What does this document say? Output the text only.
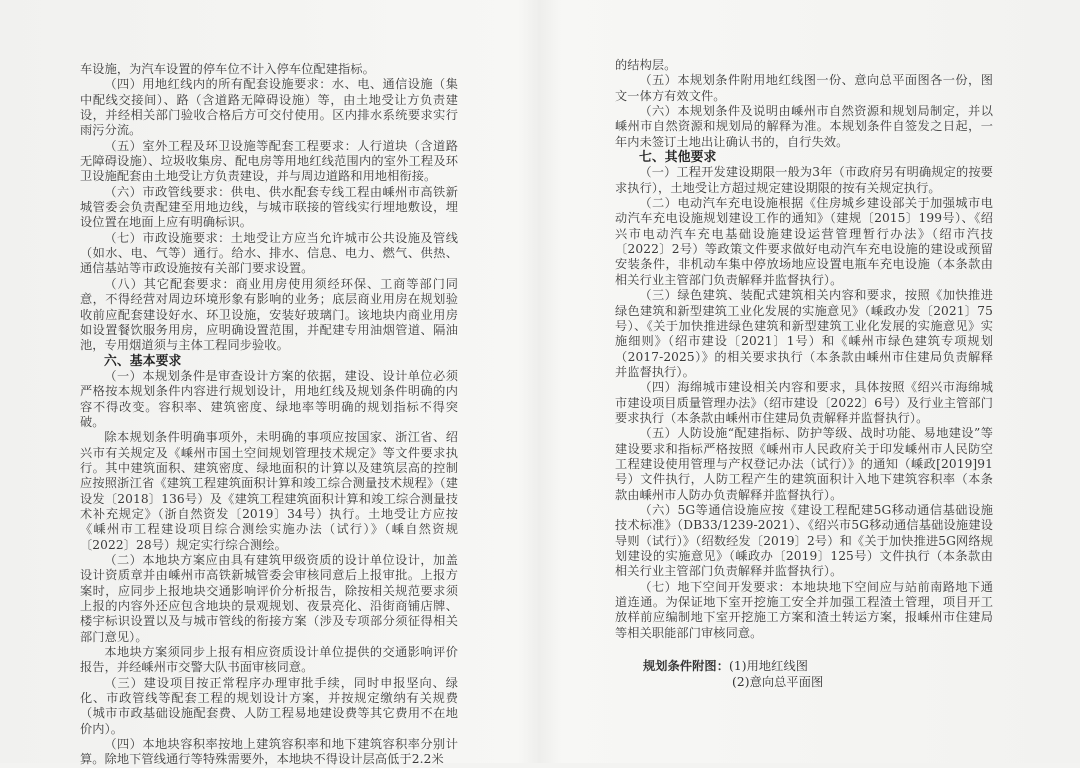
车设施，为汽车设置的停车位不计入停车位配建指标。

（四）用地红线内的所有配套设施要求：水、电、通信设施（集中配线交接间）、路（含道路无障碍设施）等，由土地受让方负责建设，并经相关部门验收合格后方可交付使用。区内排水系统要求实行雨污分流。

（五）室外工程及环卫设施等配套工程要求：人行道块（含道路无障碍设施）、垃圾收集房、配电房等用地红线范围内的室外工程及环卫设施配套由土地受让方负责建设，并与周边道路和用地相衔接。

（六）市政管线要求：供电、供水配套专线工程由嵊州市高铁新城管委会负责配建至用地边线，与城市联接的管线实行埋地敷设，埋设位置在地面上应有明确标识。

（七）市政设施要求：土地受让方应当允许城市公共设施及管线（如水、电、气等）通行。给水、排水、信息、电力、燃气、供热、通信基站等市政设施按有关部门要求设置。

（八）其它配套要求：商业用房使用须经环保、工商等部门同意，不得经营对周边环境形象有影响的业务；底层商业用房在规划验收前应配套建设好水、环卫设施，安装好玻璃门。该地块内商业用房如设置餐饮服务用房，应明确设置范围，并配建专用油烟管道、隔油池，专用烟道须与主体工程同步验收。

六、基本要求

（一）本规划条件是审查设计方案的依据，建设、设计单位必须严格按本规划条件内容进行规划设计，用地红线及规划条件明确的内容不得改变。容积率、建筑密度、绿地率等明确的规划指标不得突破。

除本规划条件明确事项外，未明确的事项应按国家、浙江省、绍兴市有关规定及《嵊州市国土空间规划管理技术规定》等文件要求执行。其中建筑面积、建筑密度、绿地面积的计算以及建筑层高的控制应按照浙江省《建筑工程建筑面积计算和竣工综合测量技术规程》（建设发〔2018〕136号）及《建筑工程建筑面积计算和竣工综合测量技术补充规定》（浙自然资发〔2019〕34号）执行。土地受让方应按《嵊州市工程建设项目综合测绘实施办法（试行）》（嵊自然资规〔2022〕28号）规定实行综合测绘。

（二）本地块方案应由具有建筑甲级资质的设计单位设计，加盖设计资质章并由嵊州市高铁新城管委会审核同意后上报审批。上报方案时，应同步上报地块交通影响评价分析报告，除按相关规范要求须上报的内容外还应包含地块的景观规划、夜景亮化、沿街商铺店牌、楼宇标识设置以及与城市管线的衔接方案（涉及专项部分须征得相关部门意见）。

本地块方案须同步上报有相应资质设计单位提供的交通影响评价报告，并经嵊州市交警大队书面审核同意。

（三）建设项目按正常程序办理审批手续，同时申报坚向、绿化、市政管线等配套工程的规划设计方案，并按规定缴纳有关规费（城市市政基础设施配套费、人防工程易地建设费等其它费用不在地价内）。

（四）本地块容积率按地上建筑容积率和地下建筑容积率分别计算。除地下管线通行等特殊需要外，本地块不得设计层高低于2.2米

的结构层。

（五）本规划条件附用地红线图一份、意向总平面图各一份，图文一体方有效文件。

（六）本规划条件及说明由嵊州市自然资源和规划局制定，并以嵊州市自然资源和规划局的解释为准。本规划条件自签发之日起，一年内未签订土地出让确认书的，自行失效。

七、其他要求

（一）工程开发建设期限一般为3年（市政府另有明确规定的按要求执行），土地受让方超过规定建设期限的按有关规定执行。

（二）电动汽车充电设施根据《住房城乡建设部关于加强城市电动汽车充电设施规划建设工作的通知》（建规〔2015〕199号）、《绍兴市电动汽车充电基础设施建设运营管理暂行办法》（绍市汽技〔2022〕2号）等政策文件要求做好电动汽车充电设施的建设或预留安装条件，非机动车集中停放场地应设置电瓶车充电设施（本条款由相关行业主管部门负责解释并监督执行）。

（三）绿色建筑、装配式建筑相关内容和要求，按照《加快推进绿色建筑和新型建筑工业化发展的实施意见》（嵊政办发〔2021〕75号）、《关于加快推进绿色建筑和新型建筑工业化发展的实施意见》实施细则》（绍市建设〔2021〕1号）和《嵊州市绿色建筑专项规划（2017-2025）》的相关要求执行（本条款由嵊州市住建局负责解释并监督执行）。

（四）海绵城市建设相关内容和要求，具体按照《绍兴市海绵城市建设项目质量管理办法》（绍市建设〔2022〕6号）及行业主管部门要求执行（本条款由嵊州市住建局负责解释并监督执行）。

（五）人防设施“配建指标、防护等级、战时功能、易地建设”等建设要求和指标严格按照《嵊州市人民政府关于印发嵊州市人民防空工程建设使用管理与产权登记办法（试行）》的通知（嵊政[2019]91号）文件执行，人防工程产生的建筑面积计入地下建筑容积率（本条款由嵊州市人防办负责解释并监督执行）。

（六）5G等通信设施应按《建设工程配建5G移动通信基础设施技术标准》（DB33/1239-2021）、《绍兴市5G移动通信基础设施建设导则（试行）》（绍数经发〔2019〕2号）和《关于加快推进5G网络规划建设的实施意见》（嵊政办〔2019〕125号）文件执行（本条款由相关行业主管部门负责解释并监督执行）。

（七）地下空间开发要求：本地块地下空间应与站前南路地下通道连通。为保证地下室开挖施工安全并加强工程渣土管理，项目开工放样前应编制地下室开挖施工方案和渣土转运方案，报嵊州市住建局等相关职能部门审核同意。

规划条件附图：(1)用地红线图
(2)意向总平面图
